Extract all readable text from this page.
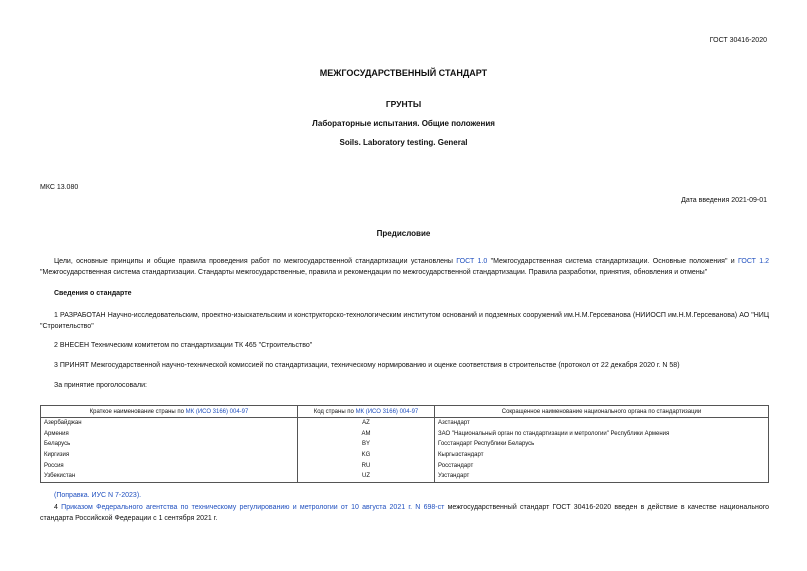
ГОСТ 30416-2020
МЕЖГОСУДАРСТВЕННЫЙ СТАНДАРТ
ГРУНТЫ
Лабораторные испытания. Общие положения
Soils. Laboratory testing. General
МКС 13.080
Дата введения 2021-09-01
Предисловие
Цели, основные принципы и общие правила проведения работ по межгосударственной стандартизации установлены ГОСТ 1.0 "Межгосударственная система стандартизации. Основные положения" и ГОСТ 1.2 "Межгосударственная система стандартизации. Стандарты межгосударственные, правила и рекомендации по межгосударственной стандартизации. Правила разработки, принятия, обновления и отмены"
Сведения о стандарте
1 РАЗРАБОТАН Научно-исследовательским, проектно-изыскательским и конструкторско-технологическим институтом оснований и подземных сооружений им.Н.М.Герсеванова (НИИОСП им.Н.М.Герсеванова) АО "НИЦ "Строительство"
2 ВНЕСЕН Техническим комитетом по стандартизации ТК 465 "Строительство"
3 ПРИНЯТ Межгосударственной научно-технической комиссией по стандартизации, техническому нормированию и оценке соответствия в строительстве (протокол от 22 декабря 2020 г. N 58)
За принятие проголосовали:
Краткое наименование страны по МК (ИСО 3166) 004-97	Код страны по МК (ИСО 3166) 004-97	Сокращенное наименование национального органа по стандартизации
Азербайджан	AZ	Азстандарт
Армения	AM	ЗАО "Национальный орган по стандартизации и метрологии" Республики Армения
Беларусь	BY	Госстандарт Республики Беларусь
Киргизия	KG	Кыргызстандарт
Россия	RU	Росстандарт
Узбекистан	UZ	Узстандарт
(Поправка. ИУС N 7-2023).
4 Приказом Федерального агентства по техническому регулированию и метрологии от 10 августа 2021 г. N 698-ст межгосударственный стандарт ГОСТ 30416-2020 введен в действие в качестве национального стандарта Российской Федерации с 1 сентября 2021 г.
